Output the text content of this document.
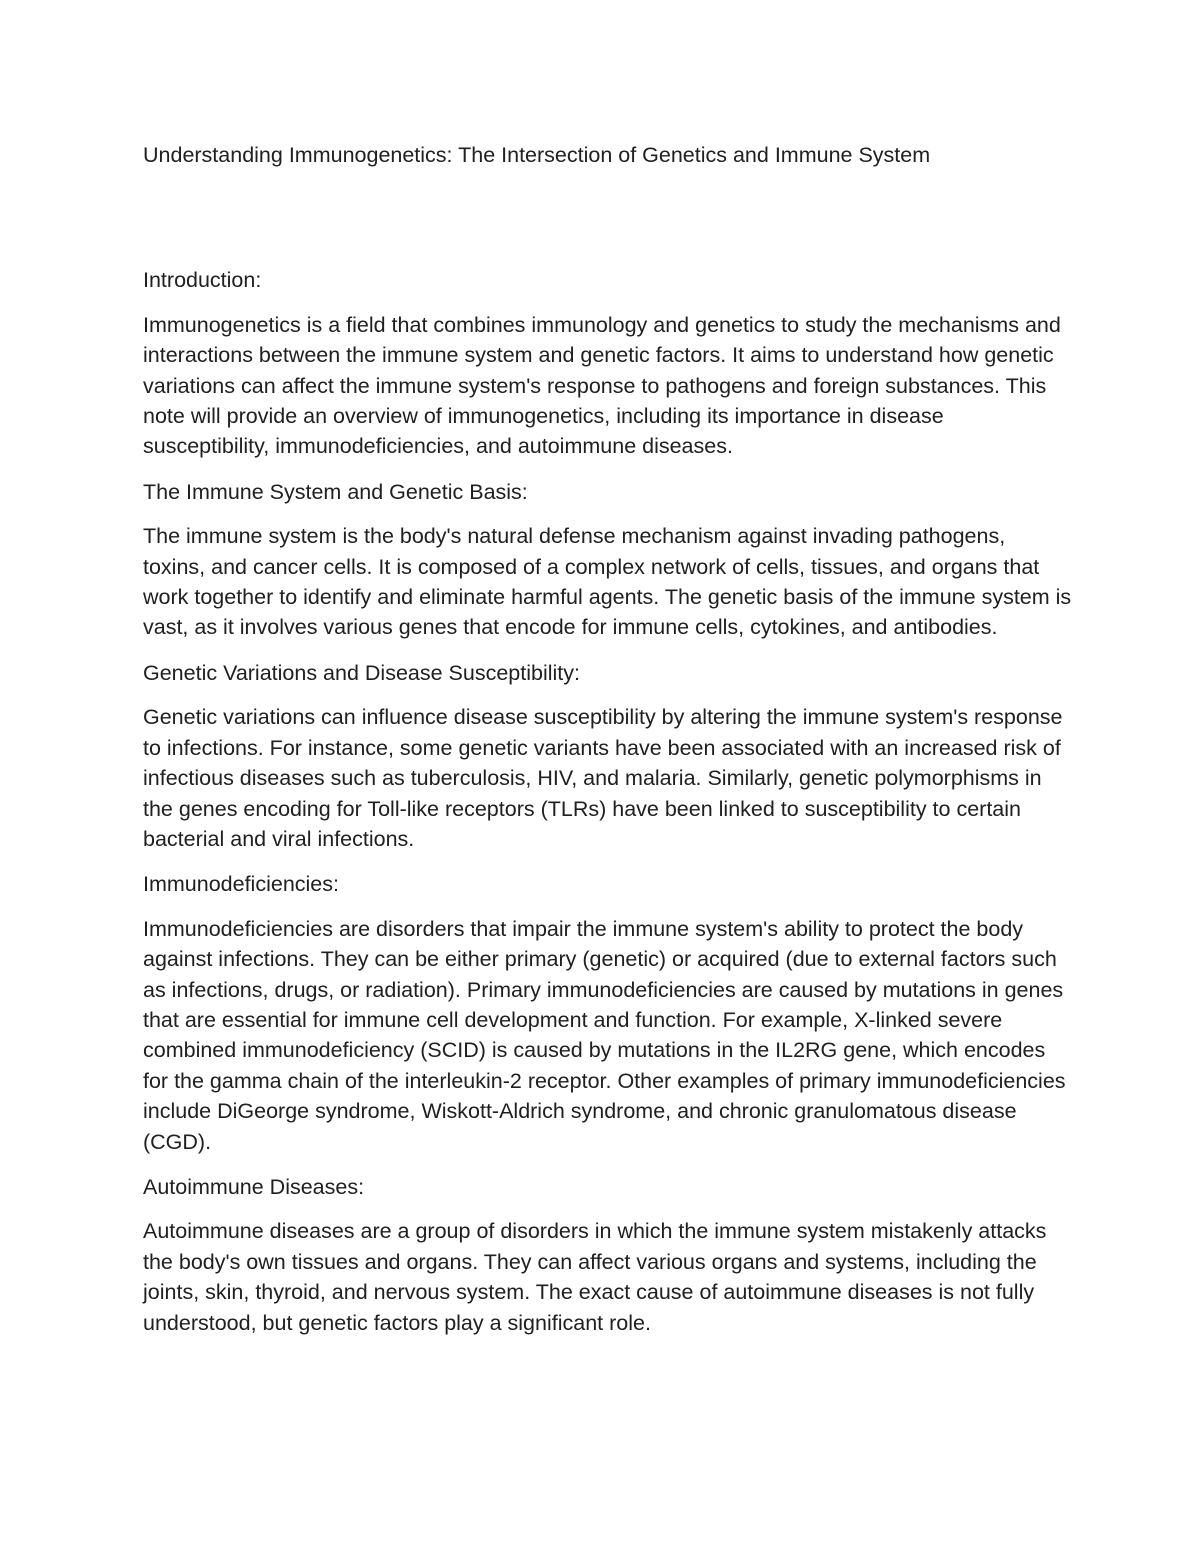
Understanding Immunogenetics: The Intersection of Genetics and Immune System
Introduction:

Immunogenetics is a field that combines immunology and genetics to study the mechanisms and interactions between the immune system and genetic factors. It aims to understand how genetic variations can affect the immune system's response to pathogens and foreign substances. This note will provide an overview of immunogenetics, including its importance in disease susceptibility, immunodeficiencies, and autoimmune diseases.

The Immune System and Genetic Basis:

The immune system is the body's natural defense mechanism against invading pathogens, toxins, and cancer cells. It is composed of a complex network of cells, tissues, and organs that work together to identify and eliminate harmful agents. The genetic basis of the immune system is vast, as it involves various genes that encode for immune cells, cytokines, and antibodies.

Genetic Variations and Disease Susceptibility:

Genetic variations can influence disease susceptibility by altering the immune system's response to infections. For instance, some genetic variants have been associated with an increased risk of infectious diseases such as tuberculosis, HIV, and malaria. Similarly, genetic polymorphisms in the genes encoding for Toll-like receptors (TLRs) have been linked to susceptibility to certain bacterial and viral infections.

Immunodeficiencies:

Immunodeficiencies are disorders that impair the immune system's ability to protect the body against infections. They can be either primary (genetic) or acquired (due to external factors such as infections, drugs, or radiation). Primary immunodeficiencies are caused by mutations in genes that are essential for immune cell development and function. For example, X-linked severe combined immunodeficiency (SCID) is caused by mutations in the IL2RG gene, which encodes for the gamma chain of the interleukin-2 receptor. Other examples of primary immunodeficiencies include DiGeorge syndrome, Wiskott-Aldrich syndrome, and chronic granulomatous disease (CGD).

Autoimmune Diseases:

Autoimmune diseases are a group of disorders in which the immune system mistakenly attacks the body's own tissues and organs. They can affect various organs and systems, including the joints, skin, thyroid, and nervous system. The exact cause of autoimmune diseases is not fully understood, but genetic factors play a significant role.
